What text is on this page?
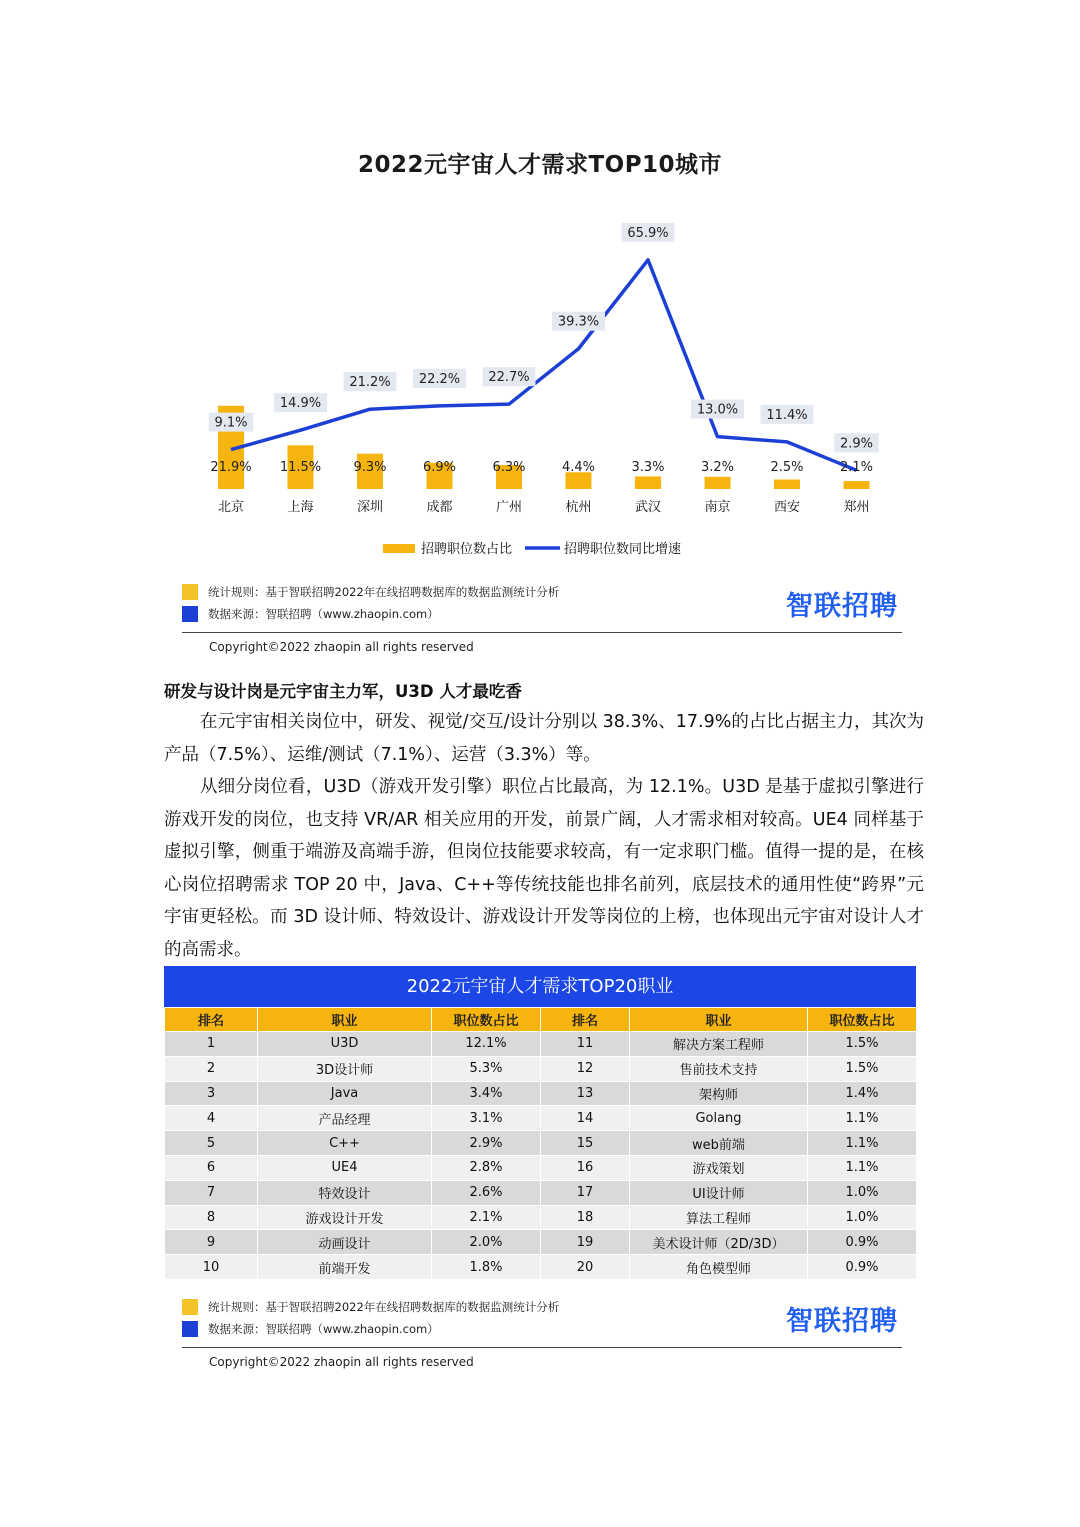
2022元宇宙人才需求TOP10城市
21.9% 11.5% 9.3%	6.9%	6.3%	4.4%	3.3%	3.2%	2.5%	2.1%
9.1%
14.9%
21.2% 22.2% 22.7%
39.3%
65.9%
13.0% 11.4%
2.9%
北京	上海	深圳	成都	广州	杭州	武汉	南京	西安	郑州
招聘职位数占比	招聘职位数同比增速
统计规则：基于智联招聘2022年在线招聘数据库的数据监测统计分析
数据来源：智联招聘（www.zhaopin.com）	智联招聘
Copyright©2022 zhaopin all rights reserved
研发与设计岗是元宇宙主力军，U3D 人才最吃香

在元宇宙相关岗位中，研发、视觉/交互/设计分别以 38.3%、17.9%的占比占据主力，其次为产品（7.5%）、运维/测试（7.1%）、运营（3.3%）等。

从细分岗位看，U3D（游戏开发引擎）职位占比最高，为 12.1%。U3D 是基于虚拟引擎进行游戏开发的岗位，也支持 VR/AR 相关应用的开发，前景广阔，人才需求相对较高。UE4 同样基于虚拟引擎，侧重于端游及高端手游，但岗位技能要求较高，有一定求职门槛。值得一提的是，在核心岗位招聘需求 TOP 20 中，Java、C++等传统技能也排名前列，底层技术的通用性使“跨界”元宇宙更轻松。而 3D 设计师、特效设计、游戏设计开发等岗位的上榜，也体现出元宇宙对设计人才的高需求。

2022元宇宙人才需求TOP20职业
排名	职业	职位数占比	排名	职业	职位数占比
1	U3D	12.1%	11	解决方案工程师	1.5%
2	3D设计师	5.3%	12	售前技术支持	1.5%
3	Java	3.4%	13	架构师	1.4%
4	产品经理	3.1%	14	Golang	1.1%
5	C++	2.9%	15	web前端	1.1%
6	UE4	2.8%	16	游戏策划	1.1%
7	特效设计	2.6%	17	UI设计师	1.0%
8	游戏设计开发	2.1%	18	算法工程师	1.0%
9	动画设计	2.0%	19	美术设计师（2D/3D）	0.9%
10	前端开发	1.8%	20	角色模型师	0.9%
统计规则：基于智联招聘2022年在线招聘数据库的数据监测统计分析
数据来源：智联招聘（www.zhaopin.com）	智联招聘
Copyright©2022 zhaopin all rights reserved
